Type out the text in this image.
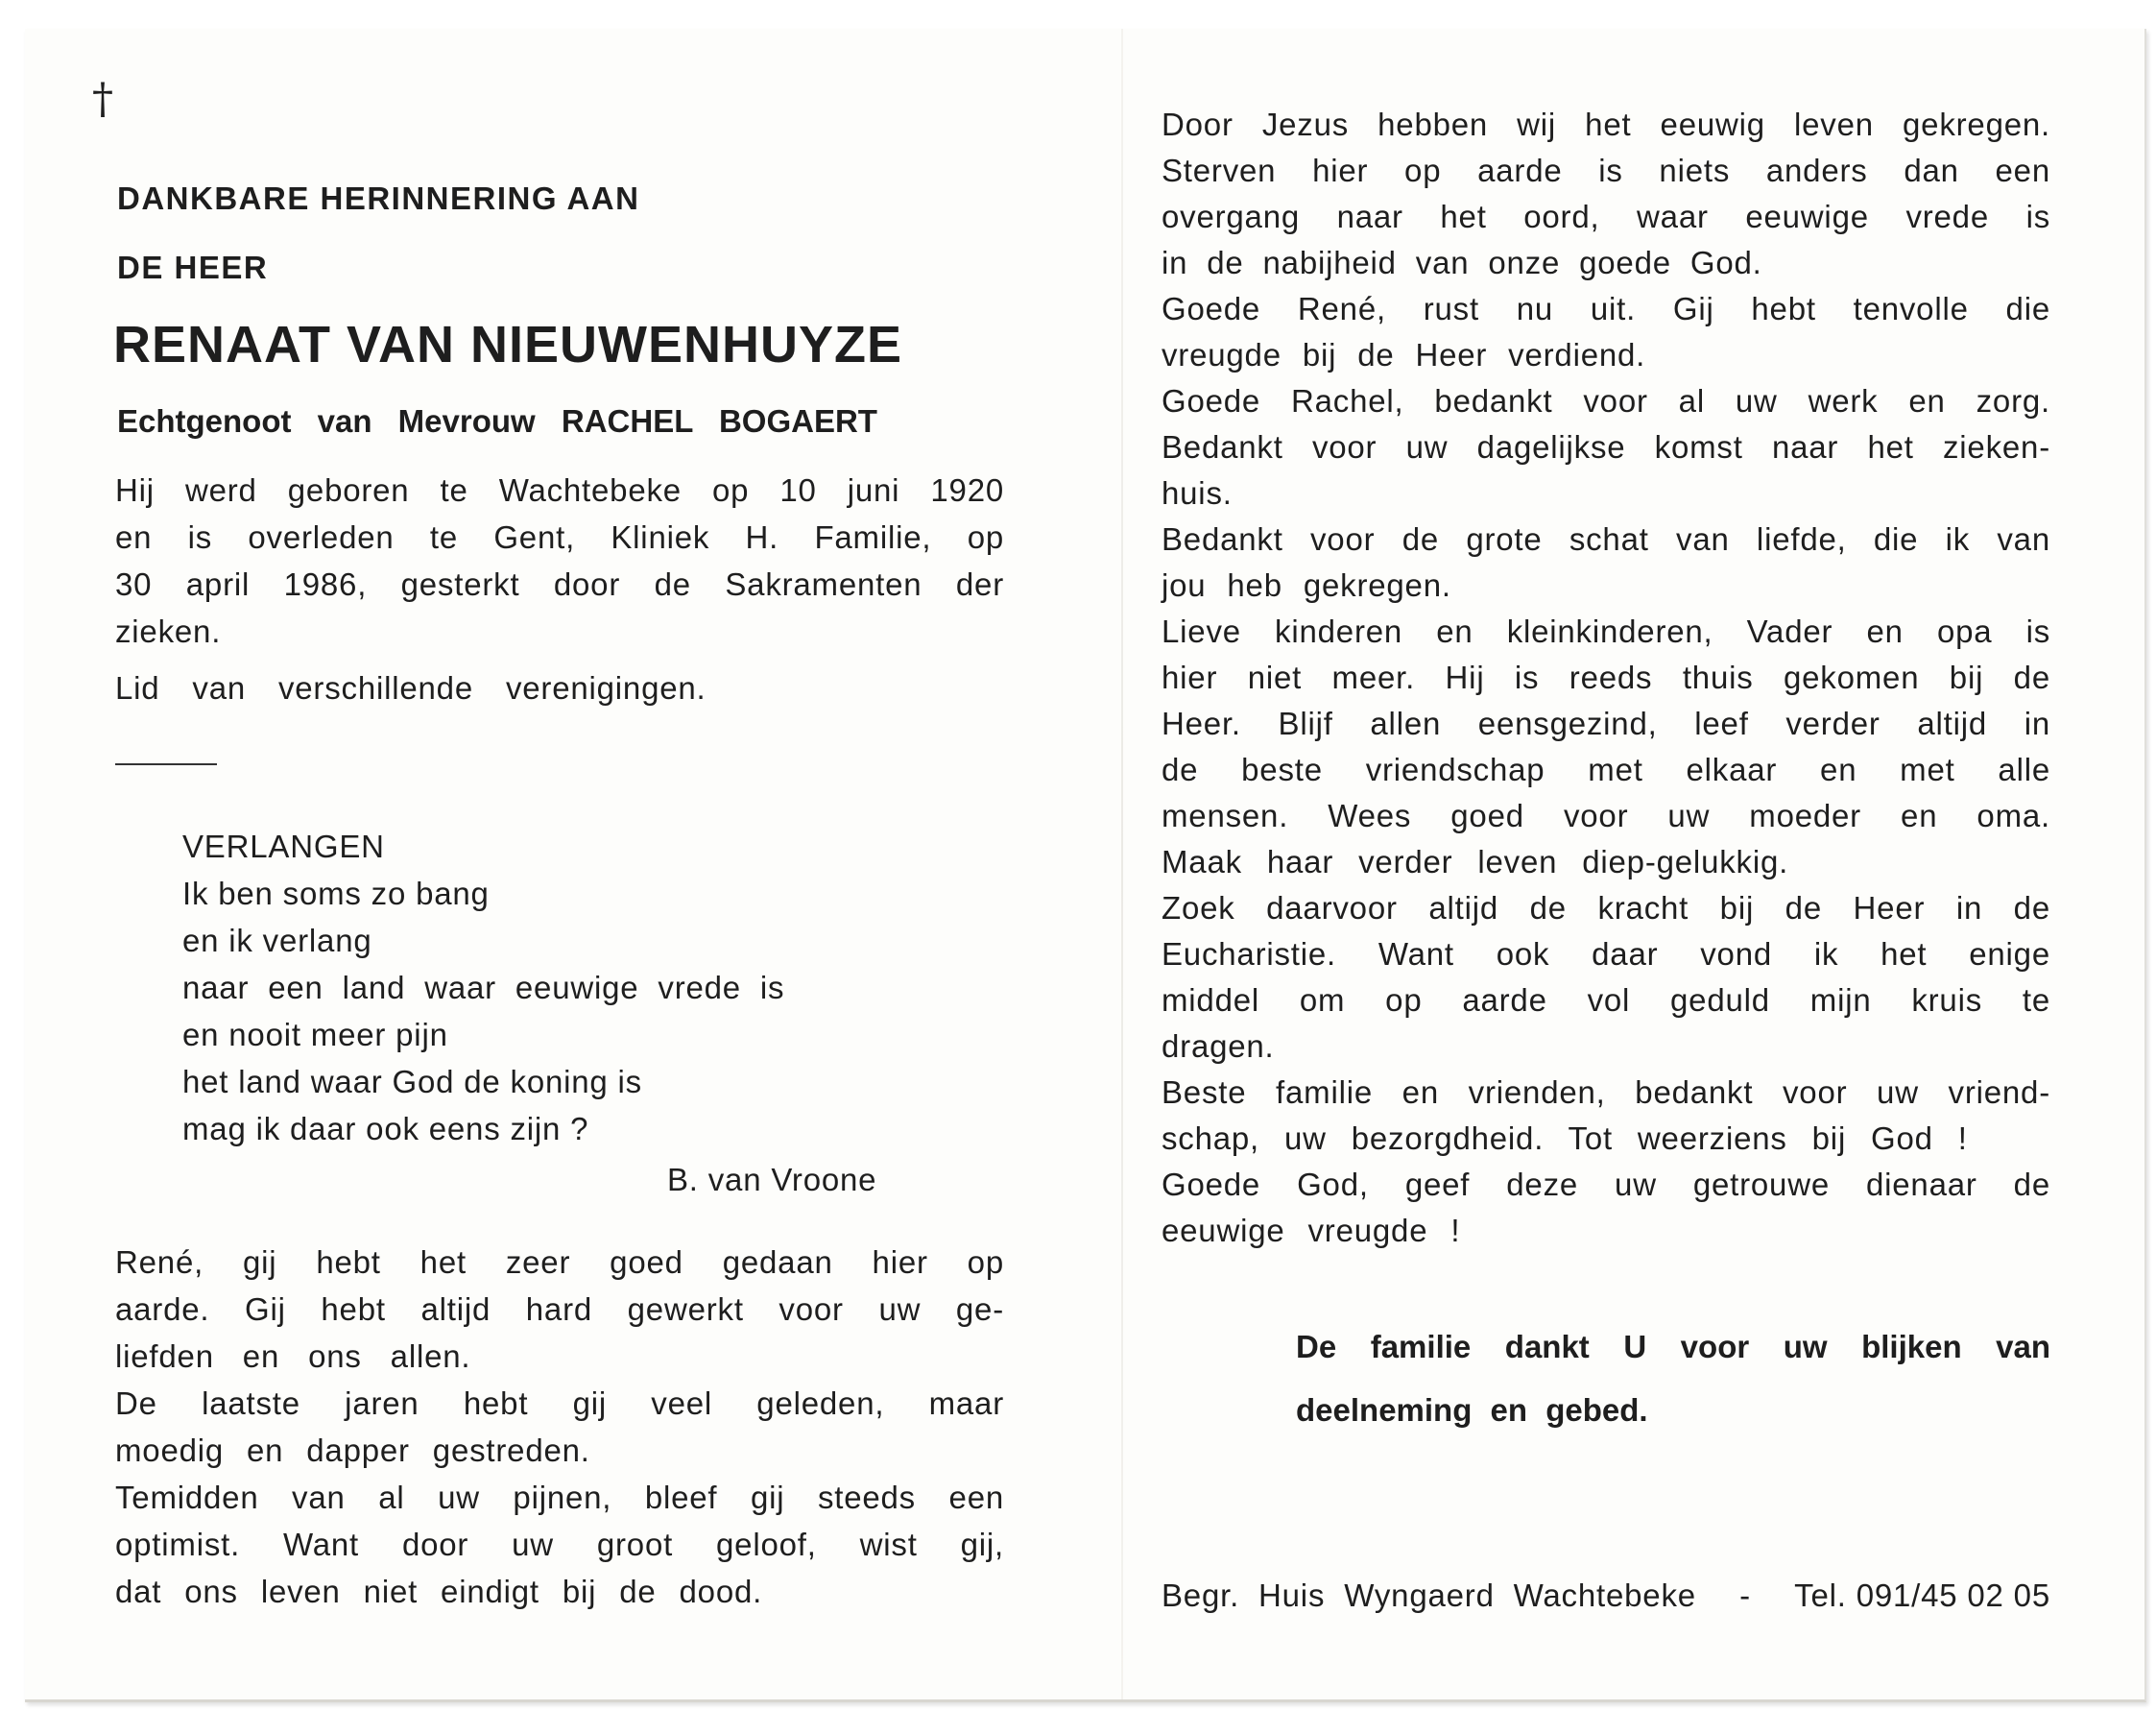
†
DANKBARE HERINNERING AAN
DE HEER
RENAAT VAN NIEUWENHUYZE
Echtgenoot van Mevrouw RACHEL BOGAERT
Hij werd geboren te Wachtebeke op 10 juni 1920
en is overleden te Gent, Kliniek H. Familie, op
30 april 1986, gesterkt door de Sakramenten der
zieken.
Lid van verschillende verenigingen.
VERLANGEN
Ik ben soms zo bang
en ik verlang
naar een land waar eeuwige vrede is
en nooit meer pijn
het land waar God de koning is
mag ik daar ook eens zijn ?
B. van Vroone
René, gij hebt het zeer goed gedaan hier op
aarde. Gij hebt altijd hard gewerkt voor uw ge-
liefden en ons allen.
De laatste jaren hebt gij veel geleden, maar
moedig en dapper gestreden.
Temidden van al uw pijnen, bleef gij steeds een
optimist. Want door uw groot geloof, wist gij,
dat ons leven niet eindigt bij de dood.
Door Jezus hebben wij het eeuwig leven gekregen.
Sterven hier op aarde is niets anders dan een
overgang naar het oord, waar eeuwige vrede is
in de nabijheid van onze goede God.
Goede René, rust nu uit. Gij hebt tenvolle die
vreugde bij de Heer verdiend.
Goede Rachel, bedankt voor al uw werk en zorg.
Bedankt voor uw dagelijkse komst naar het zieken-
huis.
Bedankt voor de grote schat van liefde, die ik van
jou heb gekregen.
Lieve kinderen en kleinkinderen, Vader en opa is
hier niet meer. Hij is reeds thuis gekomen bij de
Heer. Blijf allen eensgezind, leef verder altijd in
de beste vriendschap met elkaar en met alle
mensen. Wees goed voor uw moeder en oma.
Maak haar verder leven diep-gelukkig.
Zoek daarvoor altijd de kracht bij de Heer in de
Eucharistie. Want ook daar vond ik het enige
middel om op aarde vol geduld mijn kruis te
dragen.
Beste familie en vrienden, bedankt voor uw vriend-
schap, uw bezorgdheid. Tot weerziens bij God !
Goede God, geef deze uw getrouwe dienaar de
eeuwige vreugde !
De familie dankt U voor uw blijken van
deelneming en gebed.
Begr. Huis Wyngaerd Wachtebeke - Tel. 091/45 02 05
